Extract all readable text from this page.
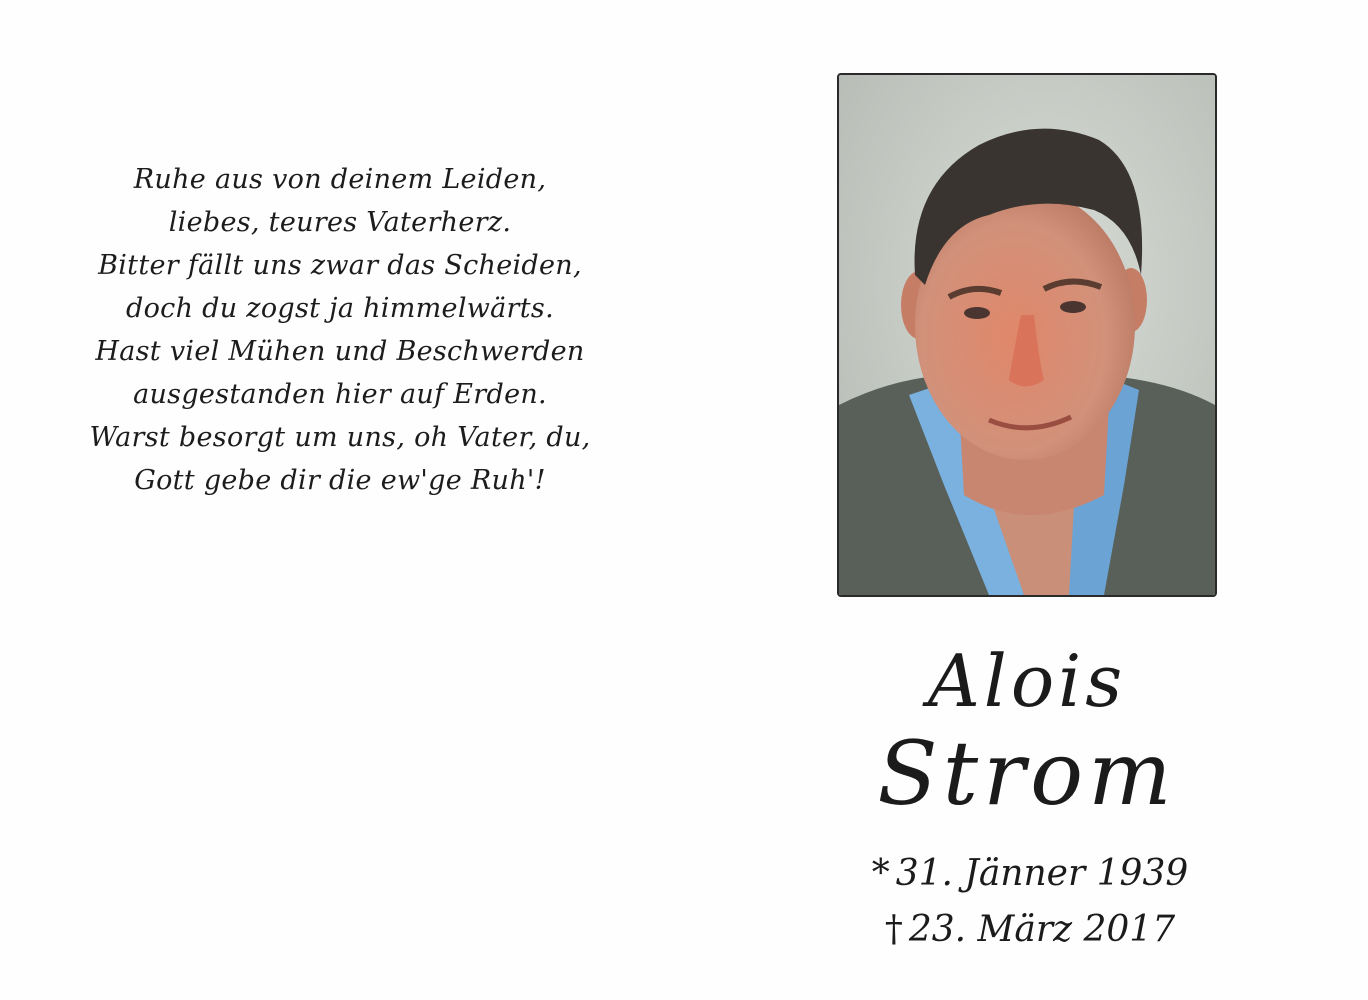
Ruhe aus von deinem Leiden,
liebes, teures Vaterherz.
Bitter fällt uns zwar das Scheiden,
doch du zogst ja himmelwärts.
Hast viel Mühen und Beschwerden
ausgestanden hier auf Erden.
Warst besorgt um uns, oh Vater, du,
Gott gebe dir die ew'ge Ruh'!
Alois
Strom
* 31. Jänner 1939
† 23. März 2017
